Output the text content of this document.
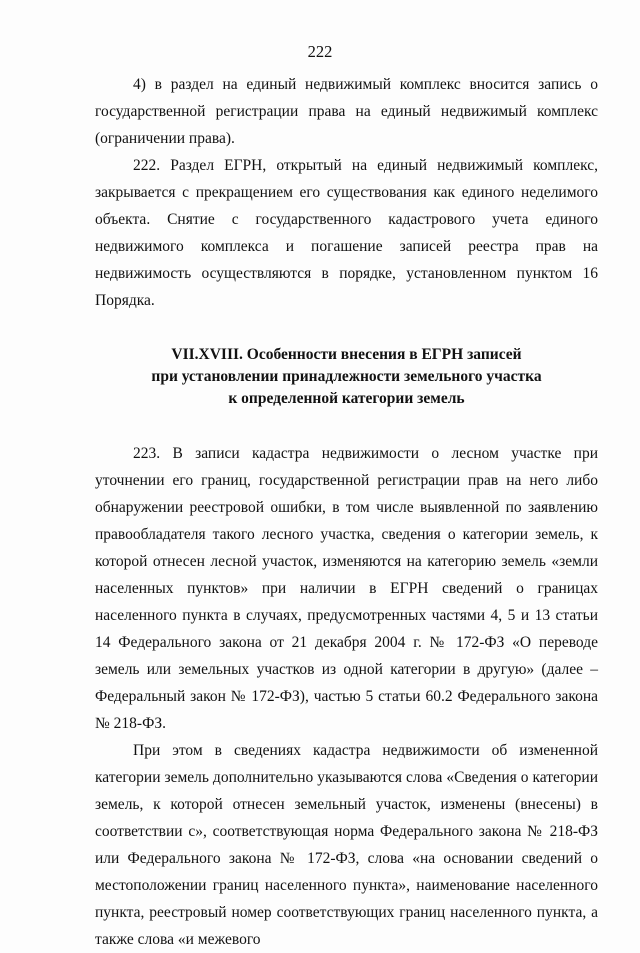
222

4) в раздел на единый недвижимый комплекс вносится запись о государственной регистрации права на единый недвижимый комплекс (ограничении права).

222. Раздел ЕГРН, открытый на единый недвижимый комплекс, закрывается с прекращением его существования как единого неделимого объекта. Снятие с государственного кадастрового учета единого недвижимого комплекса и погашение записей реестра прав на недвижимость осуществляются в порядке, установленном пунктом 16 Порядка.

VII.XVIII. Особенности внесения в ЕГРН записей
при установлении принадлежности земельного участка
к определенной категории земель

223. В записи кадастра недвижимости о лесном участке при уточнении его границ, государственной регистрации прав на него либо обнаружении реестровой ошибки, в том числе выявленной по заявлению правообладателя такого лесного участка, сведения о категории земель, к которой отнесен лесной участок, изменяются на категорию земель «земли населенных пунктов» при наличии в ЕГРН сведений о границах населенного пункта в случаях, предусмотренных частями 4, 5 и 13 статьи 14 Федерального закона от 21 декабря 2004 г. № 172-ФЗ «О переводе земель или земельных участков из одной категории в другую» (далее – Федеральный закон № 172-ФЗ), частью 5 статьи 60.2 Федерального закона № 218-ФЗ.

При этом в сведениях кадастра недвижимости об измененной категории земель дополнительно указываются слова «Сведения о категории земель, к которой отнесен земельный участок, изменены (внесены) в соответствии с», соответствующая норма Федерального закона № 218-ФЗ или Федерального закона № 172-ФЗ, слова «на основании сведений о местоположении границ населенного пункта», наименование населенного пункта, реестровый номер соответствующих границ населенного пункта, а также слова «и межевого
